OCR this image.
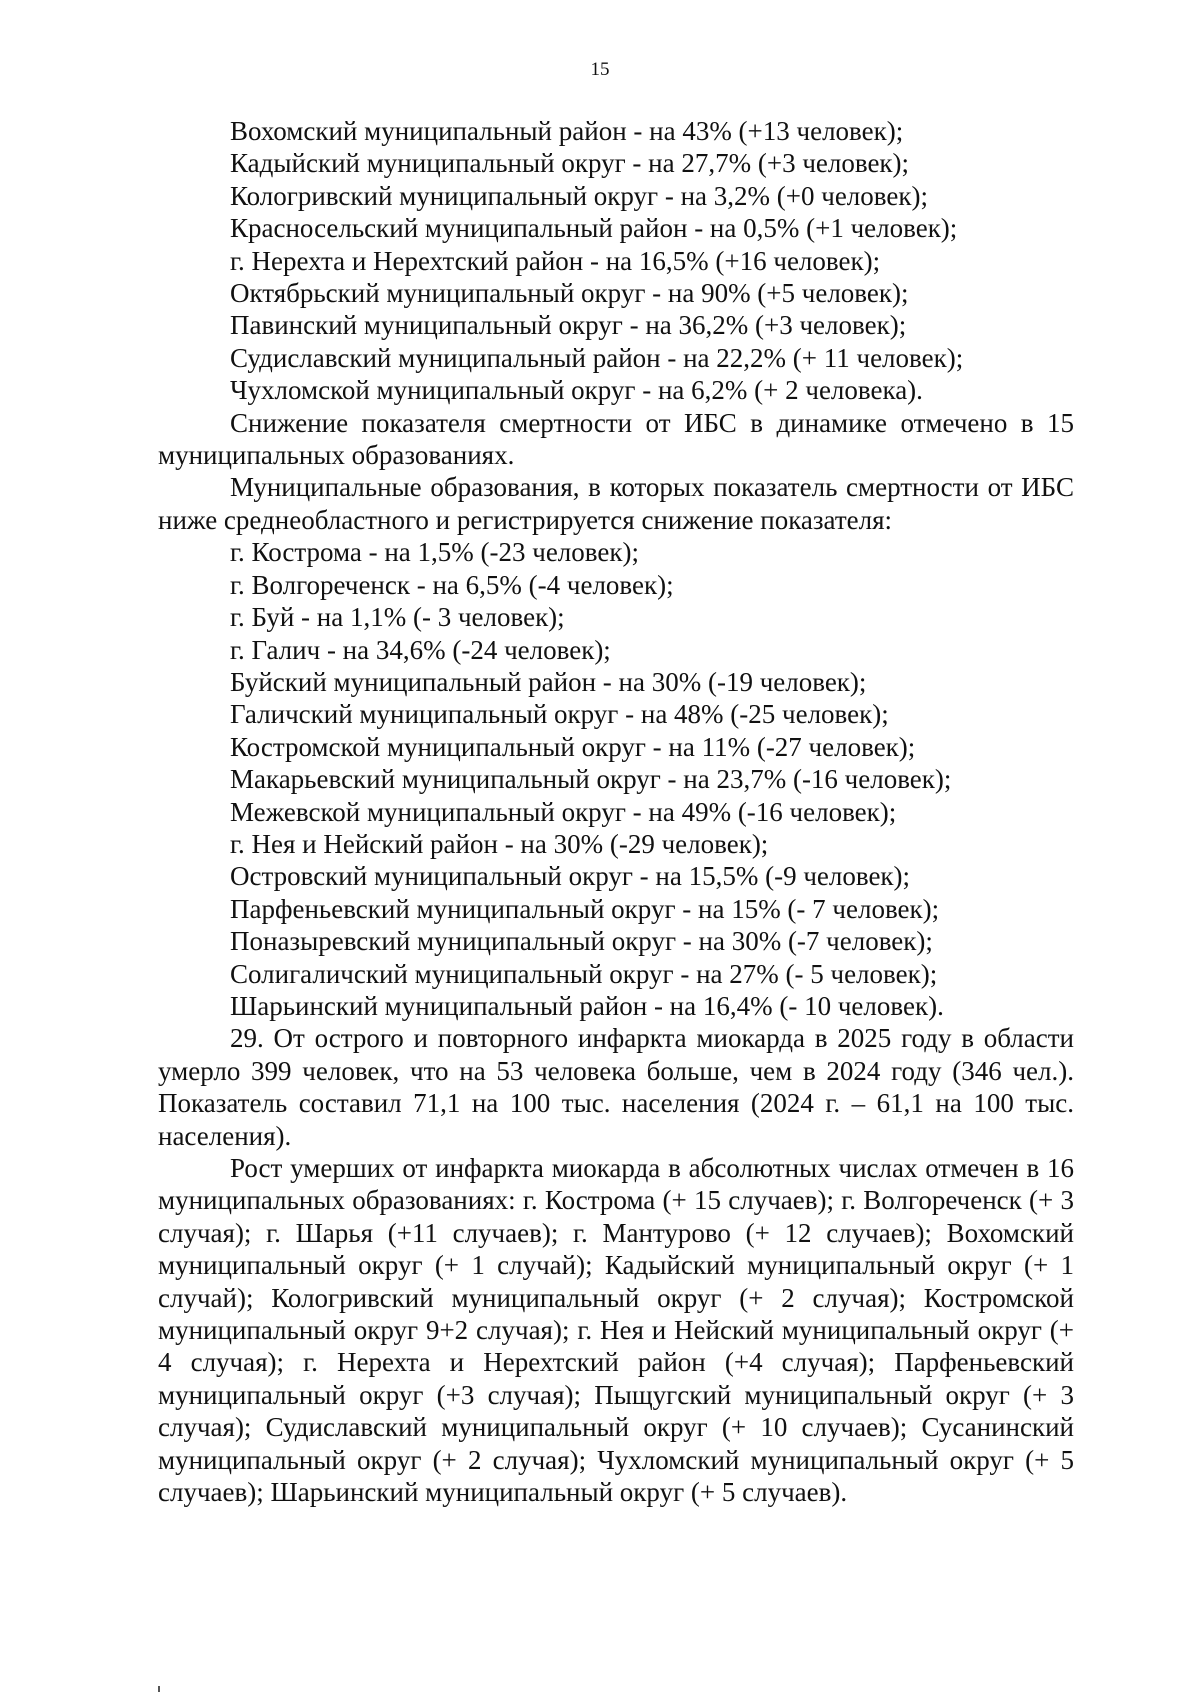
15
Вохомский муниципальный район - на 43% (+13 человек);
Кадыйский муниципальный округ - на 27,7% (+3 человек);
Кологривский муниципальный округ - на 3,2% (+0 человек);
Красносельский муниципальный район - на 0,5% (+1 человек);
г. Нерехта и Нерехтский район - на 16,5% (+16 человек);
Октябрьский муниципальный округ - на 90% (+5 человек);
Павинский муниципальный округ - на 36,2% (+3 человек);
Судиславский муниципальный район - на 22,2% (+ 11 человек);
Чухломской муниципальный округ - на 6,2% (+ 2 человека).

Снижение показателя смертности от ИБС в динамике отмечено в 15 муниципальных образованиях.

Муниципальные образования, в которых показатель смертности от ИБС ниже среднеобластного и регистрируется снижение показателя:

г. Кострома - на 1,5% (-23 человек);
г. Волгореченск - на 6,5% (-4 человек);
г. Буй - на 1,1% (- 3 человек);
г. Галич - на 34,6% (-24 человек);
Буйский муниципальный район - на 30% (-19 человек);
Галичский муниципальный округ - на 48% (-25 человек);
Костромской муниципальный округ - на 11% (-27 человек);
Макарьевский муниципальный округ - на 23,7% (-16 человек);
Межевской муниципальный округ - на 49% (-16 человек);
г. Нея и Нейский район - на 30% (-29 человек);
Островский муниципальный округ - на 15,5% (-9 человек);
Парфеньевский муниципальный округ - на 15% (- 7 человек);
Поназыревский муниципальный округ - на 30% (-7 человек);
Солигаличский муниципальный округ - на 27% (- 5 человек);
Шарьинский муниципальный район - на 16,4% (- 10 человек).

29. От острого и повторного инфаркта миокарда в 2025 году в области умерло 399 человек, что на 53 человека больше, чем в 2024 году (346 чел.). Показатель составил 71,1 на 100 тыс. населения (2024 г. – 61,1 на 100 тыс. населения).

Рост умерших от инфаркта миокарда в абсолютных числах отмечен в 16 муниципальных образованиях: г. Кострома (+ 15 случаев); г. Волгореченск (+ 3 случая); г. Шарья (+11 случаев); г. Мантурово (+ 12 случаев); Вохомский муниципальный округ (+ 1 случай); Кадыйский муниципальный округ (+ 1 случай); Кологривский муниципальный округ (+ 2 случая); Костромской муниципальный округ 9+2 случая); г. Нея и Нейский муниципальный округ (+ 4 случая); г. Нерехта и Нерехтский район (+4 случая); Парфеньевский муниципальный округ (+3 случая); Пыщугский муниципальный округ (+ 3 случая); Судиславский муниципальный округ (+ 10 случаев); Сусанинский муниципальный округ (+ 2 случая); Чухломский муниципальный округ (+ 5 случаев); Шарьинский муниципальный округ (+ 5 случаев).
